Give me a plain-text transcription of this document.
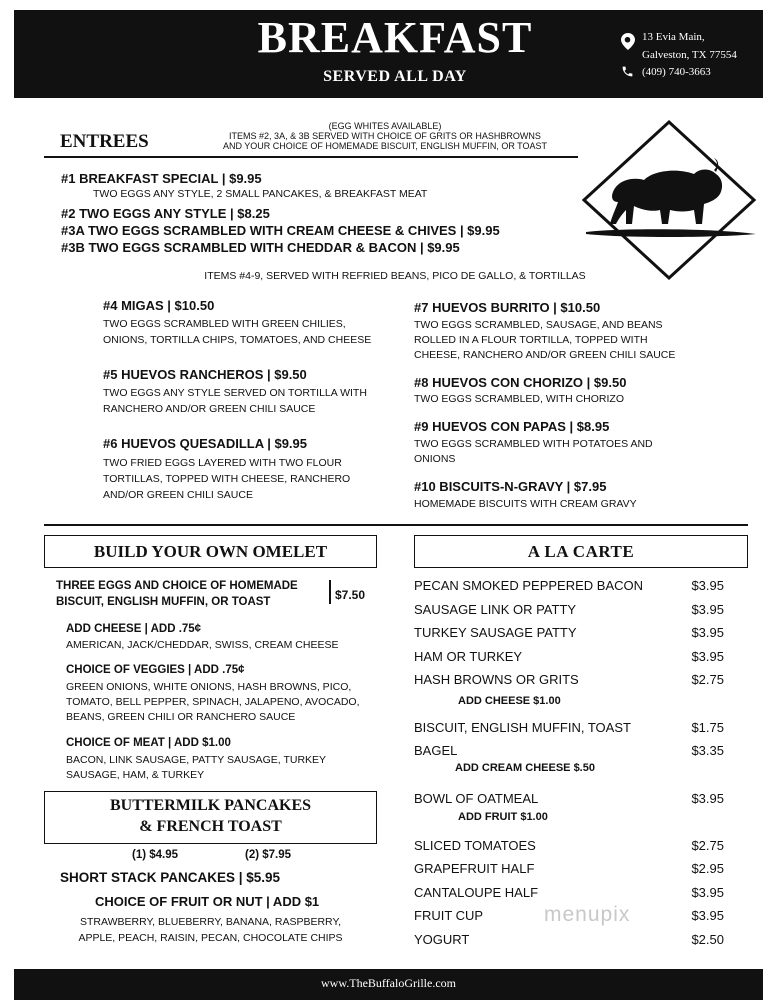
BREAKFAST
SERVED ALL DAY
13 Evia Main,
Galveston, TX 77554
(409) 740-3663
ENTREES
(EGG WHITES AVAILABLE)
ITEMS #2, 3A, & 3B SERVED WITH CHOICE OF GRITS OR HASHBROWNS
AND YOUR CHOICE OF HOMEMADE BISCUIT, ENGLISH MUFFIN, OR TOAST
#1 BREAKFAST SPECIAL | $9.95
TWO EGGS ANY STYLE, 2 SMALL PANCAKES, & BREAKFAST MEAT
#2 TWO EGGS ANY STYLE | $8.25
#3A TWO EGGS SCRAMBLED WITH CREAM CHEESE & CHIVES | $9.95
#3B TWO EGGS SCRAMBLED WITH CHEDDAR & BACON | $9.95
ITEMS #4-9, SERVED WITH REFRIED BEANS, PICO DE GALLO, & TORTILLAS
#4 MIGAS | $10.50
TWO EGGS SCRAMBLED WITH GREEN CHILIES,
ONIONS, TORTILLA CHIPS, TOMATOES, AND CHEESE
#5 HUEVOS RANCHEROS | $9.50
TWO EGGS ANY STYLE SERVED ON TORTILLA WITH
RANCHERO AND/OR GREEN CHILI SAUCE
#6 HUEVOS QUESADILLA | $9.95
TWO FRIED EGGS LAYERED WITH TWO FLOUR
TORTILLAS, TOPPED WITH CHEESE, RANCHERO
AND/OR GREEN CHILI SAUCE
#7 HUEVOS BURRITO | $10.50
TWO EGGS SCRAMBLED, SAUSAGE, AND BEANS
ROLLED IN A FLOUR TORTILLA, TOPPED WITH
CHEESE, RANCHERO AND/OR GREEN CHILI SAUCE
#8 HUEVOS CON CHORIZO | $9.50
TWO EGGS SCRAMBLED, WITH CHORIZO
#9 HUEVOS CON PAPAS | $8.95
TWO EGGS SCRAMBLED WITH POTATOES AND
ONIONS
#10 BISCUITS-N-GRAVY | $7.95
HOMEMADE BISCUITS WITH CREAM GRAVY
BUILD YOUR OWN OMELET
THREE EGGS AND CHOICE OF HOMEMADE
BISCUIT, ENGLISH MUFFIN, OR TOAST	$7.50
ADD CHEESE | ADD .75¢
AMERICAN, JACK/CHEDDAR, SWISS, CREAM CHEESE
CHOICE OF VEGGIES | ADD .75¢
GREEN ONIONS, WHITE ONIONS, HASH BROWNS, PICO,
TOMATO, BELL PEPPER, SPINACH, JALAPENO, AVOCADO,
BEANS, GREEN CHILI OR RANCHERO SAUCE
CHOICE OF MEAT | ADD $1.00
BACON, LINK SAUSAGE, PATTY SAUSAGE, TURKEY
SAUSAGE, HAM, & TURKEY
BUTTERMILK PANCAKES
& FRENCH TOAST
(1) $4.95	(2) $7.95
SHORT STACK PANCAKES | $5.95
CHOICE OF FRUIT OR NUT | ADD $1
STRAWBERRY, BLUEBERRY, BANANA, RASPBERRY,
APPLE, PEACH, RAISIN, PECAN, CHOCOLATE CHIPS
A LA CARTE
PECAN SMOKED PEPPERED BACON	$3.95
SAUSAGE LINK OR PATTY	$3.95
TURKEY SAUSAGE PATTY	$3.95
HAM OR TURKEY	$3.95
HASH BROWNS OR GRITS	$2.75
ADD CHEESE $1.00
BISCUIT, ENGLISH MUFFIN, TOAST	$1.75
BAGEL	$3.35
ADD CREAM CHEESE $.50
BOWL OF OATMEAL	$3.95
ADD FRUIT $1.00
SLICED TOMATOES	$2.75
GRAPEFRUIT HALF	$2.95
CANTALOUPE HALF	$3.95
FRUIT CUP	$3.95
YOGURT	$2.50
menupix
www.TheBuffaloGrille.com
